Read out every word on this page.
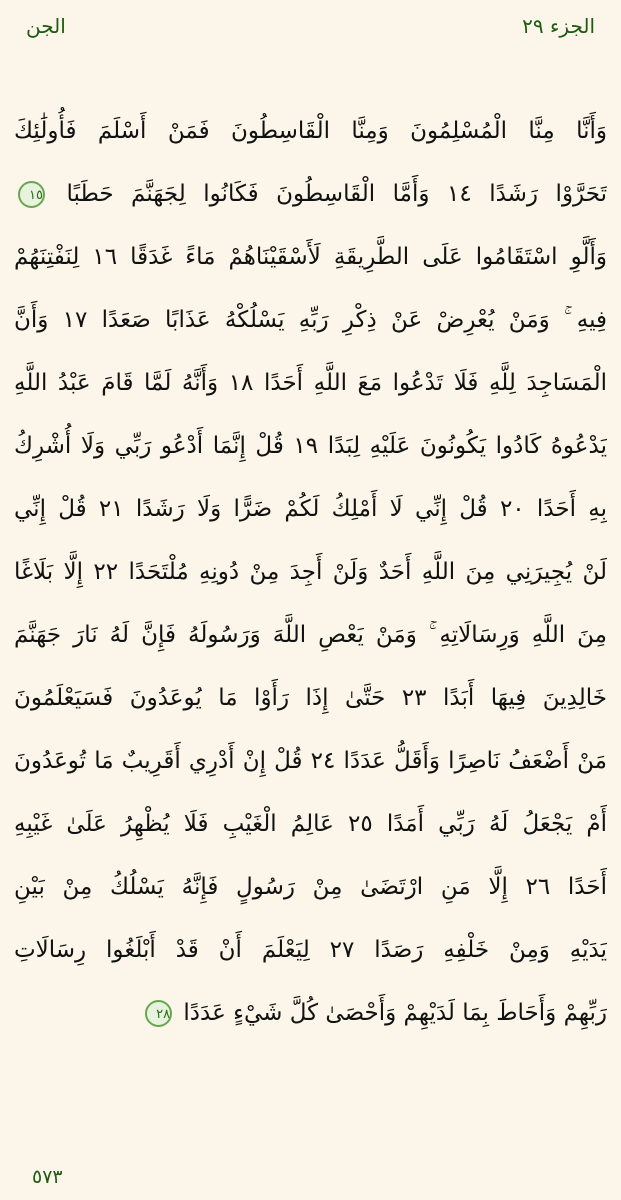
الجن	الجزء ٢٩
وَأَنَّا مِنَّا الْمُسْلِمُونَ وَمِنَّا الْقَاسِطُونَ فَمَنْ أَسْلَمَ فَأُولَٰئِكَ
تَحَرَّوْا رَشَدًا ١٤ وَأَمَّا الْقَاسِطُونَ فَكَانُوا لِجَهَنَّمَ حَطَبًا ١٥
وَأَلَّوِ اسْتَقَامُوا عَلَى الطَّرِيقَةِ لَأَسْقَيْنَاهُمْ مَاءً غَدَقًا ١٦ لِنَفْتِنَهُمْ
فِيهِ ۚ وَمَنْ يُعْرِضْ عَنْ ذِكْرِ رَبِّهِ يَسْلُكْهُ عَذَابًا صَعَدًا ١٧ وَأَنَّ
الْمَسَاجِدَ لِلَّهِ فَلَا تَدْعُوا مَعَ اللَّهِ أَحَدًا ١٨ وَأَنَّهُ لَمَّا قَامَ عَبْدُ اللَّهِ
يَدْعُوهُ كَادُوا يَكُونُونَ عَلَيْهِ لِبَدًا ١٩ قُلْ إِنَّمَا أَدْعُو رَبِّي وَلَا أُشْرِكُ
بِهِ أَحَدًا ٢٠ قُلْ إِنِّي لَا أَمْلِكُ لَكُمْ ضَرًّا وَلَا رَشَدًا ٢١ قُلْ إِنِّي
لَنْ يُجِيرَنِي مِنَ اللَّهِ أَحَدٌ وَلَنْ أَجِدَ مِنْ دُونِهِ مُلْتَحَدًا ٢٢ إِلَّا بَلَاغًا
مِنَ اللَّهِ وَرِسَالَاتِهِ ۚ وَمَنْ يَعْصِ اللَّهَ وَرَسُولَهُ فَإِنَّ لَهُ نَارَ جَهَنَّمَ
خَالِدِينَ فِيهَا أَبَدًا ٢٣ حَتَّىٰ إِذَا رَأَوْا مَا يُوعَدُونَ فَسَيَعْلَمُونَ
مَنْ أَضْعَفُ نَاصِرًا وَأَقَلُّ عَدَدًا ٢٤ قُلْ إِنْ أَدْرِي أَقَرِيبٌ مَا تُوعَدُونَ
أَمْ يَجْعَلُ لَهُ رَبِّي أَمَدًا ٢٥ عَالِمُ الْغَيْبِ فَلَا يُظْهِرُ عَلَىٰ غَيْبِهِ
أَحَدًا ٢٦ إِلَّا مَنِ ارْتَضَىٰ مِنْ رَسُولٍ فَإِنَّهُ يَسْلُكُ مِنْ بَيْنِ
يَدَيْهِ وَمِنْ خَلْفِهِ رَصَدًا ٢٧ لِيَعْلَمَ أَنْ قَدْ أَبْلَغُوا رِسَالَاتِ
رَبِّهِمْ وَأَحَاطَ بِمَا لَدَيْهِمْ وَأَحْصَىٰ كُلَّ شَيْءٍ عَدَدًا ٢٨
٥٧٣
